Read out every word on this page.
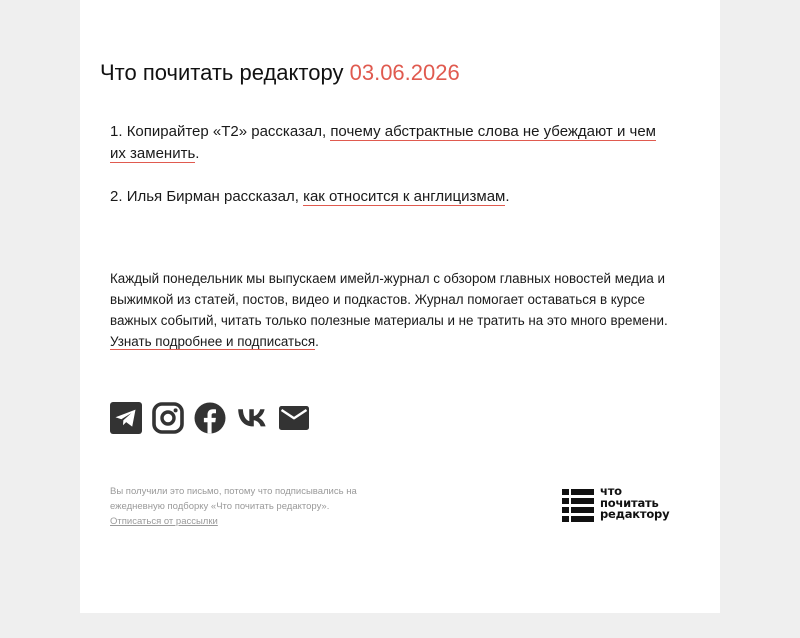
Что почитать редактору 03.06.2026

1. Копирайтер «Т2» рассказал, почему абстрактные слова не убеждают и чем их заменить.

2. Илья Бирман рассказал, как относится к англицизмам.

Каждый понедельник мы выпускаем имейл-журнал с обзором главных новостей медиа и выжимкой из статей, постов, видео и подкастов. Журнал помогает оставаться в курсе важных событий, читать только полезные материалы и не тратить на это много времени. Узнать подробнее и подписаться.

Вы получили это письмо, потому что подписывались на ежедневную подборку «Что почитать редактору».
Отписаться от рассылки

что
почитать
редактору
